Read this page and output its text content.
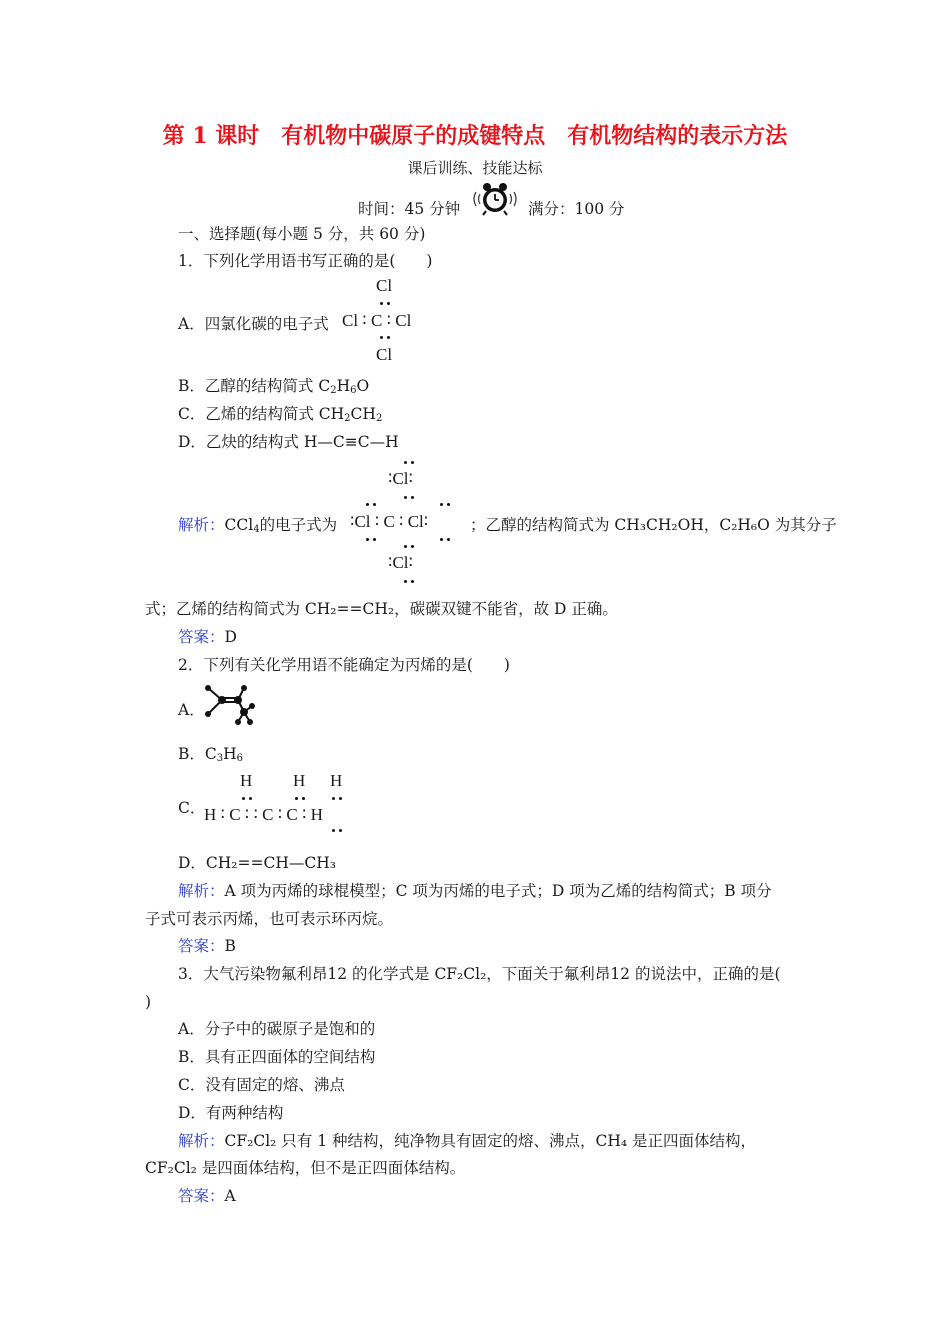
第 1 课时　有机物中碳原子的成键特点　有机物结构的表示方法
课后训练、技能达标
时间：45 分钟	满分：100 分
一、选择题(每小题 5 分，共 60 分)
1．下列化学用语书写正确的是(　　)
A．四氯化碳的电子式
Cl
Cl ∶ C ∶ Cl
Cl
B．乙醇的结构简式 $C_2H_6O$
C．乙烯的结构简式 $CH_2CH_2$
D．乙炔的结构式 H—C≡C—H
∶Cl∶
解析：CCl$_4$的电子式为 ∶Cl ∶ C ∶ Cl∶	；乙醇的结构简式为 CH₃CH₂OH，C₂H₆O 为其分子
∶Cl∶
式；乙烯的结构简式为 CH₂==CH₂，碳碳双键不能省，故 D 正确。
答案：D
2．下列有关化学用语不能确定为丙烯的是(　　)
A．
B．$C_3H_6$
C．
H H H
H ∶ C ∶ ∶ C ∶ C ∶ H
D．CH₂==CH—CH₃
解析：A 项为丙烯的球棍模型；C 项为丙烯的电子式；D 项为乙烯的结构简式；B 项分
子式可表示丙烯，也可表示环丙烷。
答案：B
3．大气污染物氟利昂12 的化学式是 CF₂Cl₂，下面关于氟利昂12 的说法中，正确的是(
)
A．分子中的碳原子是饱和的
B．具有正四面体的空间结构
C．没有固定的熔、沸点
D．有两种结构
解析：CF₂Cl₂ 只有 1 种结构，纯净物具有固定的熔、沸点，CH₄ 是正四面体结构，
CF₂Cl₂ 是四面体结构，但不是正四面体结构。
答案：A
